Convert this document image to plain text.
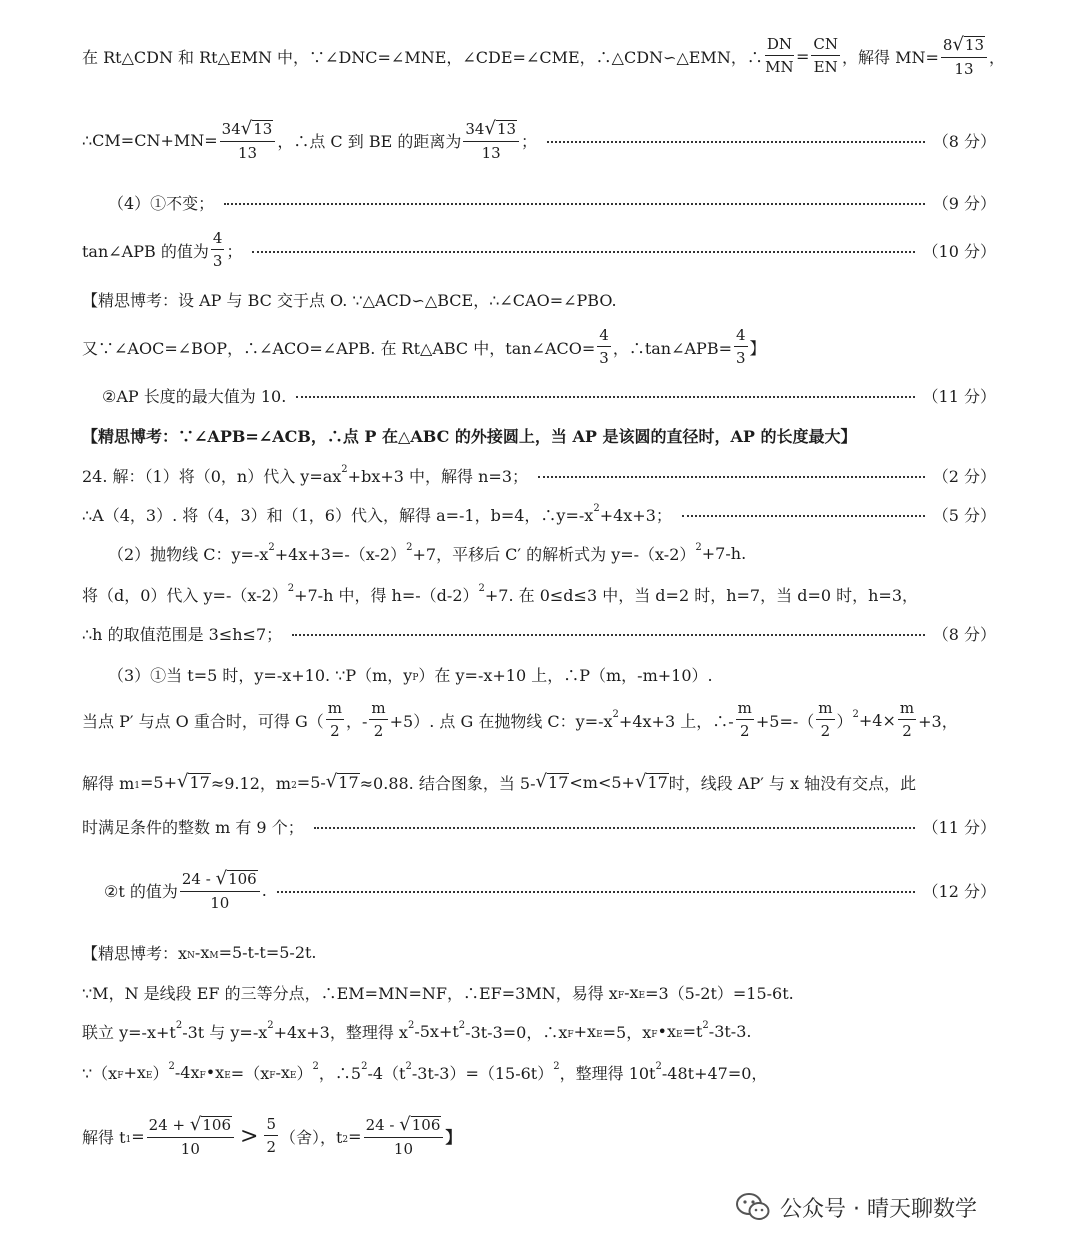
在 Rt△CDN 和 Rt△EMN 中，∵∠DNC=∠MNE，∠CDE=∠CME，∴△CDN∽△EMN，∴ $\frac{DN}{MN} = \frac{CN}{EN}$ ，解得 $MN= \frac{8 √ 13}{13}$ ，
∴CM=CN+MN= $\frac{34 √ 13}{13}$ ，∴点 C 到 BE 的距离为 $\frac{34 √ 13}{13}$ ；	（8 分）
（4）①不变；	（9 分）
tan∠APB 的值为 $\frac{4}{3}$ ；	（10 分）
【精思博考：设 AP 与 BC 交于点 O. ∵△ACD∽△BCE，∴∠CAO=∠PBO.
又∵∠AOC=∠BOP，∴∠ACO=∠APB. 在 Rt△ABC 中，tan∠ACO= $\frac{4}{3}$ ，∴tan∠APB= $\frac{4}{3}$ 】
②AP 长度的最大值为 10.	（11 分）
【精思博考：∵∠APB=∠ACB，∴点 P 在△ABC 的外接圆上，当 AP 是该圆的直径时，AP 的长度最大】
24. 解：（1）将（0，n）代入 $y=ax^2 +bx+3$ 中，解得 n=3；	（2 分）
∴A（4，3）. 将（4，3）和（1，6）代入，解得 a=-1，b=4，$\therefore y=-x^2 +4x+3$；	（5 分）
（2）抛物线 C：$y=-x^2 +4x+3=-(x-2)^2 +7$，平移后 C′ 的解析式为 $y=-(x-2)^2 +7-h$.
将（d，0）代入 $y=-(x-2)^2 +7-h$ 中，得 $h=-(d-2)^2 +7$. 在 0≤d≤3 中，当 d=2 时，h=7，当 d=0 时，h=3，
∴h 的取值范围是 3≤h≤7；	（8 分）
（3）①当 t=5 时，y=-x+10. ∵P（m，$y_P$ ）在 y=-x+10 上，∴P（m，-m+10）.
当点 P′ 与点 O 重合时，可得 $G( \frac{m}{2}$ ，- $\frac{m}{2} +5$）. 点 G 在抛物线 C：$y=-x^2 +4x+3$ 上，∴- $\frac{m}{2} +5=-( \frac{m}{2} )^2 +4\times \frac{m}{2} +3$，
解得 $m_1 =5+$ √ 17 ≈9.12，$m_2 =5-$ √ 17 ≈0.88. 结合图象，当 5- √ 17 <m<5+ √ 17 时，线段 AP′ 与 x 轴没有交点，此
时满足条件的整数 m 有 9 个；	（11 分）
②t 的值为 $\frac{24 - √ 106}{10}$ .	（12 分）
【精思博考：$x_N$ $-x_M =5-t-t=5-2t$.
∵M，N 是线段 EF 的三等分点，∴EM=MN=NF，∴EF=3MN，易得 $x_F$ $-x_E =3(5-2t)=15-6t$.
联立 $y=-x+t^2$ -3t 与 $y=-x^2 +4x+3$，整理得 $x^2$ $-5x+t^2$ -3t-3=0，$\therefore x_F +x_E =5$，$x_F$ $•x_E =t^2$ -3t-3.
$\because(x_F +x_E$ ）$^2$ $-4x_F$ $•x_E =(x_F$ $-x_E$ ）$^2$ ，$\therefore 5^2$ $-4(t^2$ $-3t-3)=(15-6t)^2$ ，整理得 $10t^2$ -48t+47=0，
解得 $t_1 = \frac{24 + √ 106}{10} > \frac{5}{2}$ （舍），$t_2 = \frac{24 - √ 106}{10}$ 】
公众号 · 晴天聊数学
